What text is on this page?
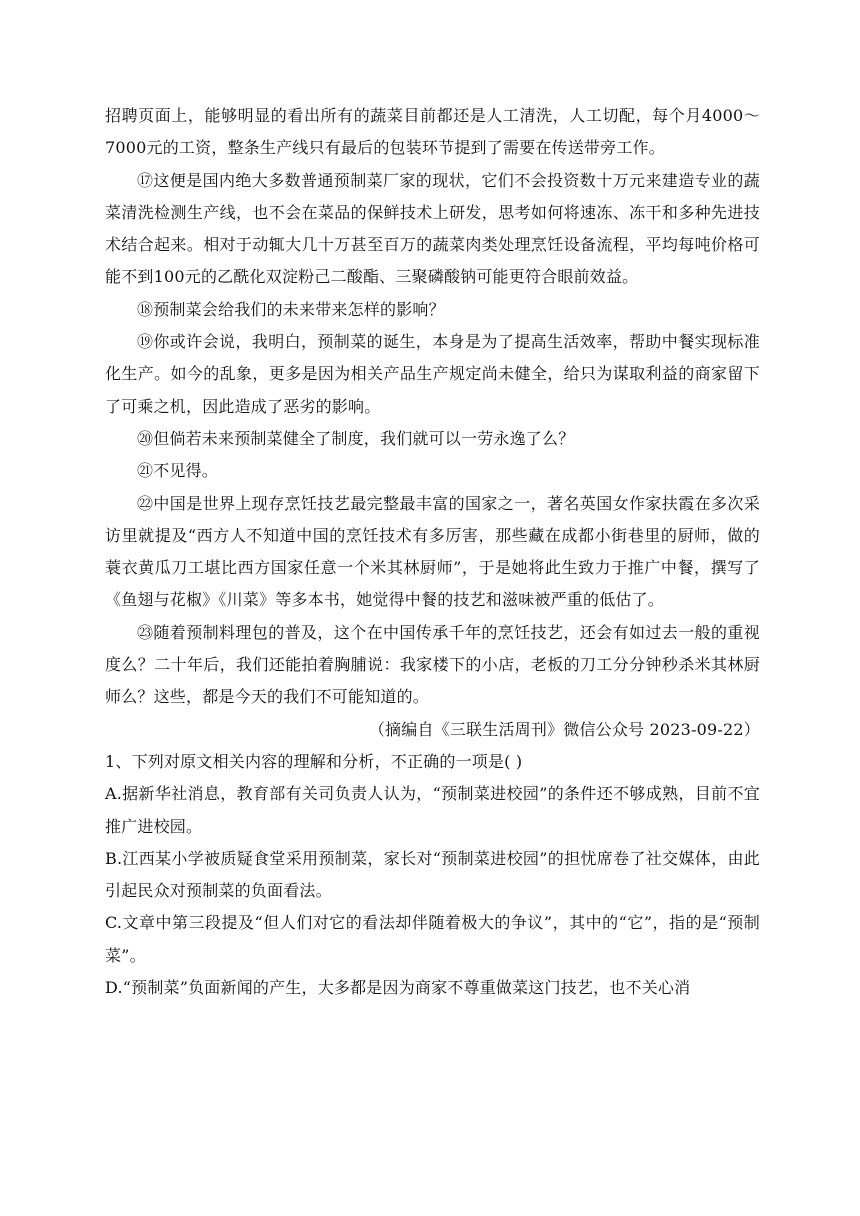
招聘页面上，能够明显的看出所有的蔬菜目前都还是人工清洗，人工切配，每个月4000～7000元的工资，整条生产线只有最后的包装环节提到了需要在传送带旁工作。

⑰这便是国内绝大多数普通预制菜厂家的现状，它们不会投资数十万元来建造专业的蔬菜清洗检测生产线，也不会在菜品的保鲜技术上研发，思考如何将速冻、冻干和多种先进技术结合起来。相对于动辄大几十万甚至百万的蔬菜肉类处理烹饪设备流程，平均每吨价格可能不到100元的乙酰化双淀粉己二酸酯、三聚磷酸钠可能更符合眼前效益。

⑱预制菜会给我们的未来带来怎样的影响？

⑲你或许会说，我明白，预制菜的诞生，本身是为了提高生活效率，帮助中餐实现标准化生产。如今的乱象，更多是因为相关产品生产规定尚未健全，给只为谋取利益的商家留下了可乘之机，因此造成了恶劣的影响。

⑳但倘若未来预制菜健全了制度，我们就可以一劳永逸了么？

㉑不见得。

㉒中国是世界上现存烹饪技艺最完整最丰富的国家之一，著名英国女作家扶霞在多次采访里就提及“西方人不知道中国的烹饪技术有多厉害，那些藏在成都小街巷里的厨师，做的蓑衣黄瓜刀工堪比西方国家任意一个米其林厨师”，于是她将此生致力于推广中餐，撰写了《鱼翅与花椒》《川菜》等多本书，她觉得中餐的技艺和滋味被严重的低估了。

㉓随着预制料理包的普及，这个在中国传承千年的烹饪技艺，还会有如过去一般的重视度么？二十年后，我们还能拍着胸脯说：我家楼下的小店，老板的刀工分分钟秒杀米其林厨师么？这些，都是今天的我们不可能知道的。

（摘编自《三联生活周刊》微信公众号 2023-09-22）

1、下列对原文相关内容的理解和分析，不正确的一项是( )

A.据新华社消息，教育部有关司负责人认为，“预制菜进校园”的条件还不够成熟，目前不宜推广进校园。

B.江西某小学被质疑食堂采用预制菜，家长对“预制菜进校园”的担忧席卷了社交媒体，由此引起民众对预制菜的负面看法。

C.文章中第三段提及“但人们对它的看法却伴随着极大的争议”，其中的“它”，指的是“预制菜”。

D.“预制菜”负面新闻的产生，大多都是因为商家不尊重做菜这门技艺，也不关心消
